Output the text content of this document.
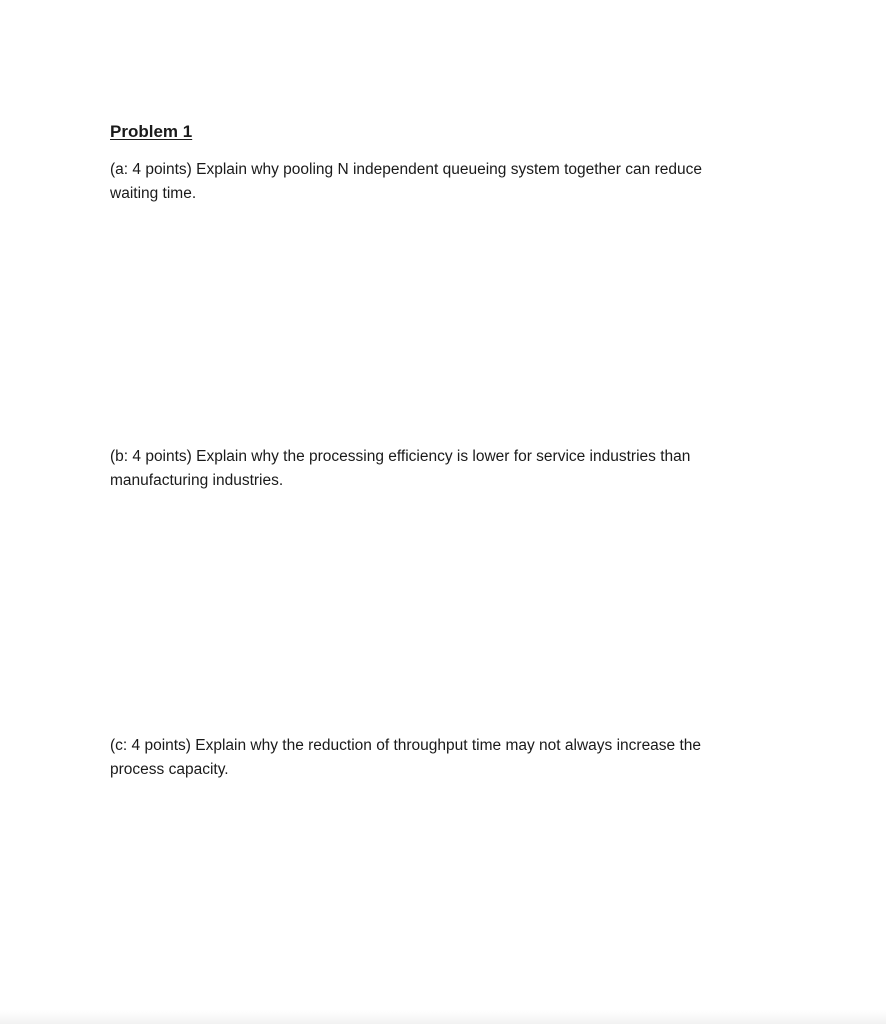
Problem 1

(a: 4 points) Explain why pooling N independent queueing system together can reduce waiting time.

(b: 4 points) Explain why the processing efficiency is lower for service industries than manufacturing industries.

(c: 4 points) Explain why the reduction of throughput time may not always increase the process capacity.
